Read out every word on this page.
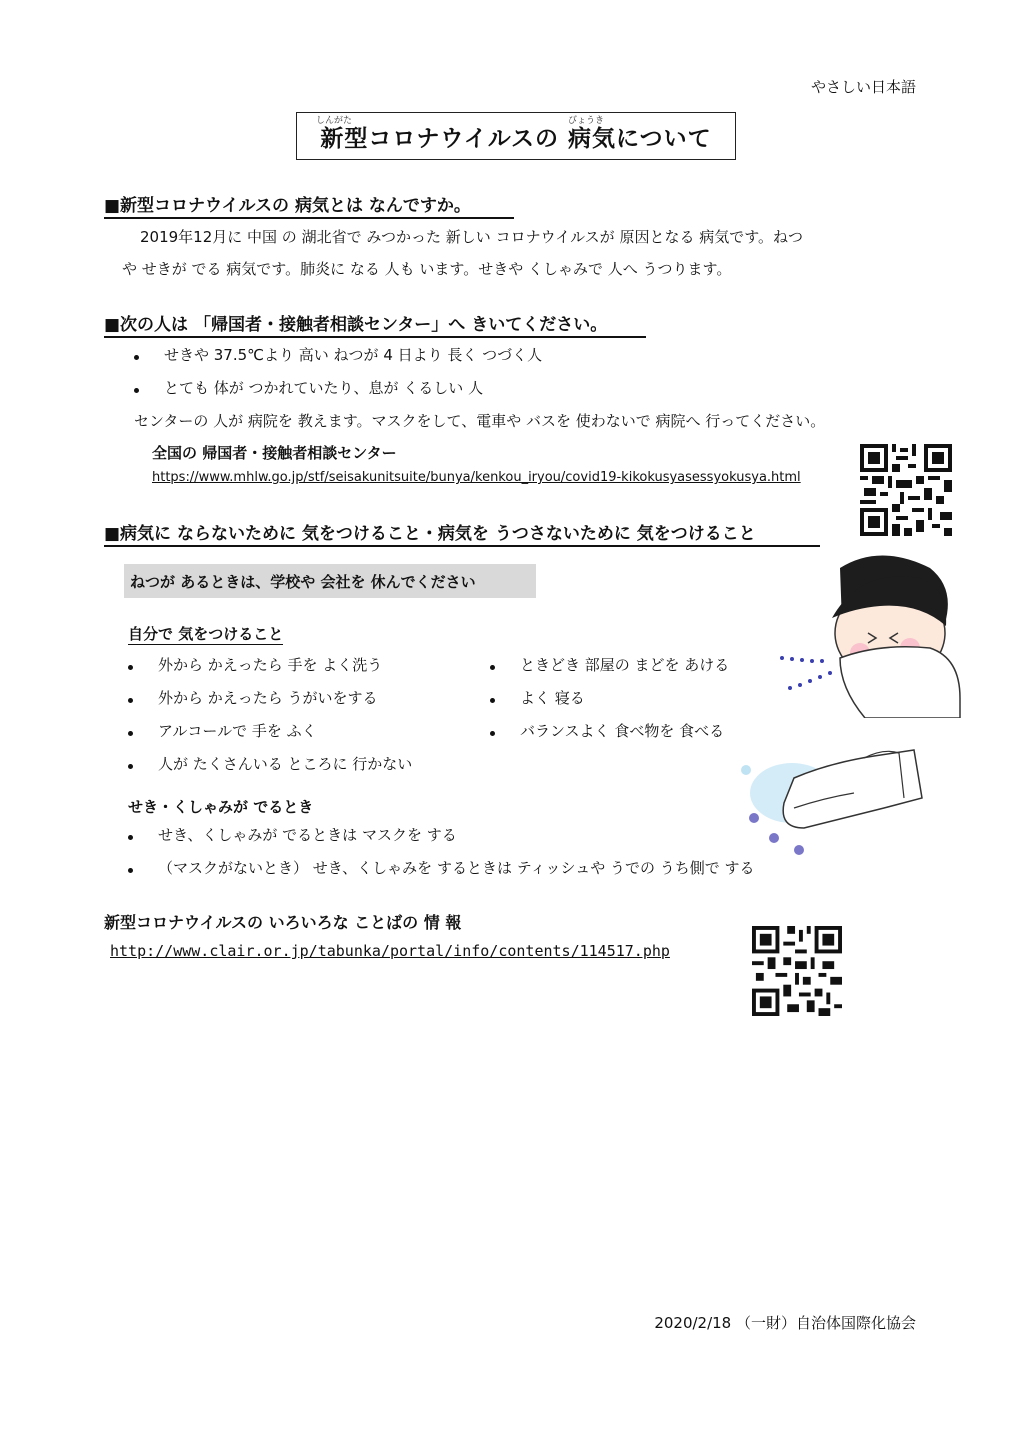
やさしい日本語
しんがた	びょうき
新型コロナウイルスの 病気について
■新型コロナウイルスの 病気とは なんですか。
2019年12月に 中国 の 湖北省で みつかった 新しい コロナウイルスが 原因となる 病気です。ねつ
や せきが でる 病気です。肺炎に なる 人も います。せきや くしゃみで 人へ うつります。
■次の人は 「帰国者・接触者相談センター」へ きいてください。
せきや 37.5℃より 高い ねつが 4 日より 長く つづく人
とても 体が つかれていたり、息が くるしい 人
センターの 人が 病院を 教えます。マスクをして、電車や バスを 使わないで 病院へ 行ってください。
全国の 帰国者・接触者相談センター
https://www.mhlw.go.jp/stf/seisakunitsuite/bunya/kenkou_iryou/covid19-kikokusyasessyokusya.html
■病気に ならないために 気をつけること・病気を うつさないために 気をつけること
ねつが あるときは、学校や 会社を 休んでください
自分で 気をつけること
外から かえったら 手を よく洗う
外から かえったら うがいをする
アルコールで 手を ふく
人が たくさんいる ところに 行かない
ときどき 部屋の まどを あける
よく 寝る
バランスよく 食べ物を 食べる
せき・くしゃみが でるとき
せき、くしゃみが でるときは マスクを する
（マスクがないとき） せき、くしゃみを するときは ティッシュや うでの うち側で する
新型コロナウイルスの いろいろな ことばの 情 報
http://www.clair.or.jp/tabunka/portal/info/contents/114517.php
2020/2/18 （一財）自治体国際化協会
